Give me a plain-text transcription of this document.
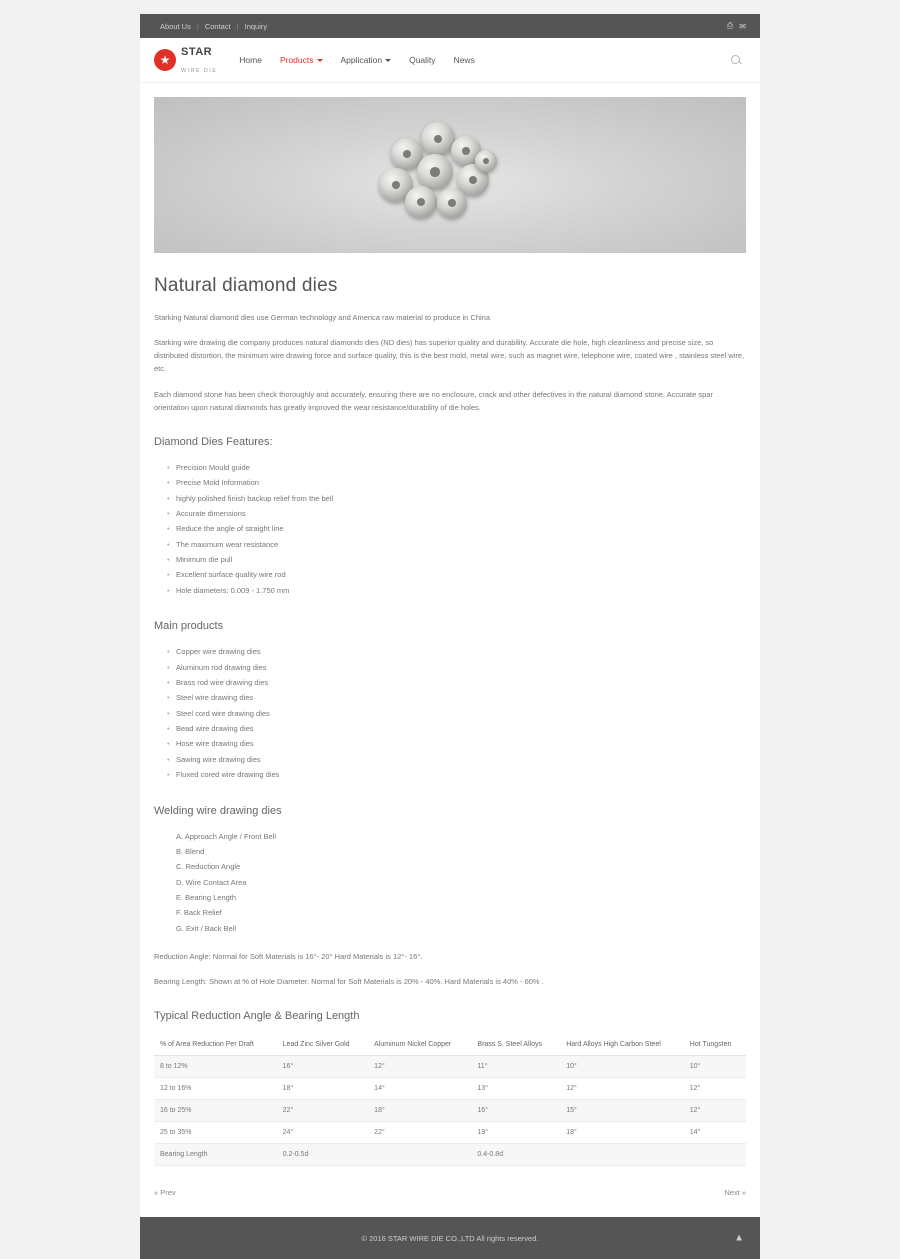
About Us | Contact | Inquiry	⎙ ✉
★
STAR
WIRE DIE
Home Products	Application	Quality News
Natural diamond dies

Starking Natural diamond dies use German technology and America raw material to produce in China

Starking wire drawing die company produces natural diamonds dies (ND dies) has superior quality and durability. Accurate die hole, high cleanliness and precise size, so distributed distortion, the minimum wire drawing force and surface quality, this is the best mold, metal wire, such as magnet wire, telephone wire, coated wire , stainless steel wire, etc.

Each diamond stone has been check thoroughly and accurately, ensuring there are no enclosure, crack and other defectives in the natural diamond stone. Accurate spar orientation upon natural diamonds has greatly improved the wear resistance/durability of die holes.

Diamond Dies Features:
• Precision Mould guide
• Precise Mold Information
• highly polished finish backup relief from the bell
• Accurate dimensions
• Reduce the angle of straight line
• The maximum wear resistance
• Minimum die pull
• Excellent surface quality wire rod
• Hole diameters: 0.009 - 1.750 mm
Main products
• Copper wire drawing dies
• Aluminum rod drawing dies
• Brass rod wire drawing dies
• Steel wire drawing dies
• Steel cord wire drawing dies
• Bead wire drawing dies
• Hose wire drawing dies
• Sawing wire drawing dies
• Fluxed cored wire drawing dies
Welding wire drawing dies
A. Approach Angle / Front Bell
B. Blend
C. Reduction Angle
D. Wire Contact Area
E. Bearing Length
F. Back Relief
G. Exit / Back Bell

Reduction Angle: Normal for Soft Materials is 16°- 20° Hard Materials is 12°- 16°.

Bearing Length: Shown at % of Hole Diameter. Normal for Soft Materials is 20% - 40%. Hard Materials is 40% - 60% .

Typical Reduction Angle & Bearing Length
% of Area Reduction Per Draft	Lead Zinc Silver Gold	Aluminum Nickel Copper	Brass S. Steel Alloys	Hard Alloys High Carbon Steel	Hot Tungsten
8 to 12%	16°	12°	11°	10°	10°
12 to 16%	18°	14°	13°	12°	12°
16 to 25%	22°	18°	16°	15°	12°
25 to 35%	24°	22°	19°	18°	14°
Bearing Length	0.2-0.5d		0.4-0.8d		
« Prev	Next »
© 2016 STAR WIRE DIE CO.,LTD All rights reserved.	▲
